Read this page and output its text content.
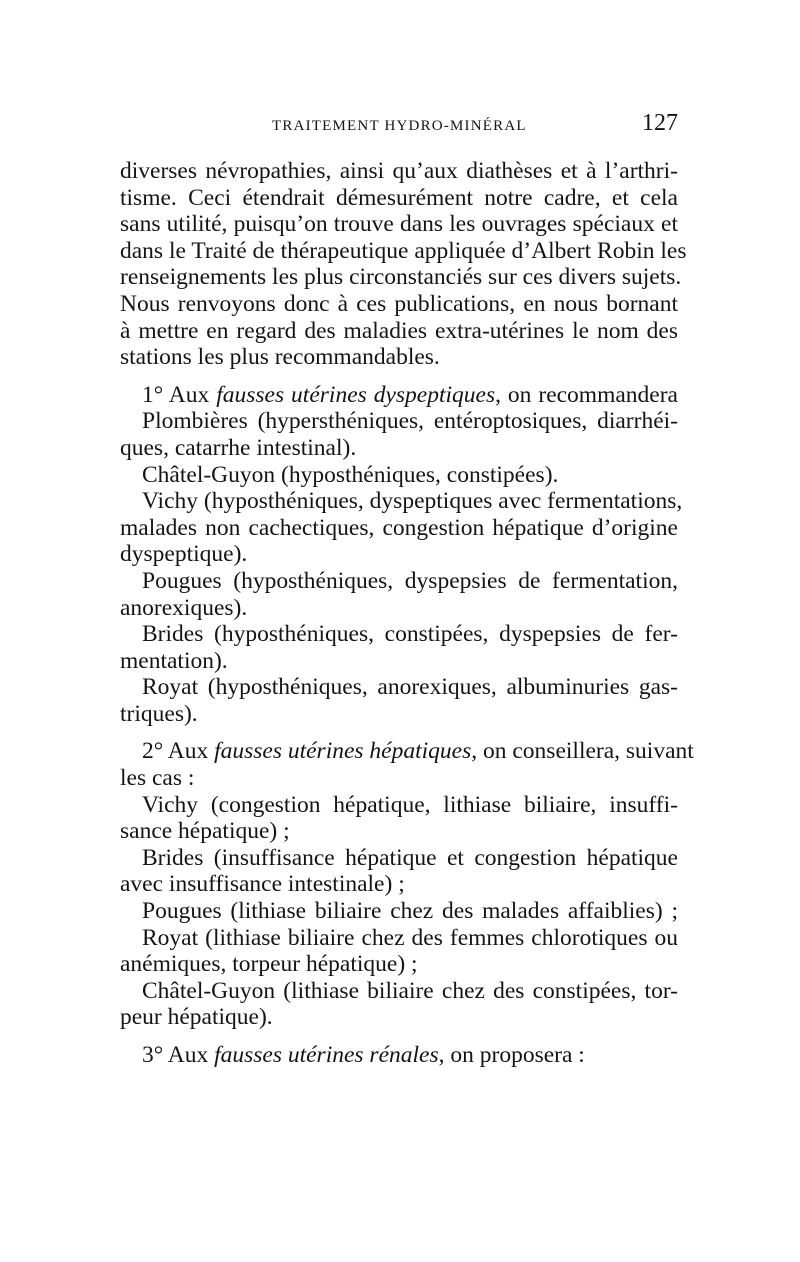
TRAITEMENT HYDRO-MINÉRAL	127
diverses névropathies, ainsi qu’aux diathèses et à l’arthri-
tisme. Ceci étendrait démesurément notre cadre, et cela
sans utilité, puisqu’on trouve dans les ouvrages spéciaux et
dans le Traité de thérapeutique appliquée d’Albert Robin les
renseignements les plus circonstanciés sur ces divers sujets.
Nous renvoyons donc à ces publications, en nous bornant
à mettre en regard des maladies extra-utérines le nom des
stations les plus recommandables.
1° Aux fausses utérines dyspeptiques, on recommandera
Plombières (hypersthéniques, entéroptosiques, diarrhéi-
ques, catarrhe intestinal).
Châtel-Guyon (hyposthéniques, constipées).
Vichy (hyposthéniques, dyspeptiques avec fermentations,
malades non cachectiques, congestion hépatique d’origine
dyspeptique).
Pougues (hyposthéniques, dyspepsies de fermentation,
anorexiques).
Brides (hyposthéniques, constipées, dyspepsies de fer-
mentation).
Royat (hyposthéniques, anorexiques, albuminuries gas-
triques).
2° Aux fausses utérines hépatiques, on conseillera, suivant
les cas :
Vichy (congestion hépatique, lithiase biliaire, insuffi-
sance hépatique) ;
Brides (insuffisance hépatique et congestion hépatique
avec insuffisance intestinale) ;
Pougues (lithiase biliaire chez des malades affaiblies) ;
Royat (lithiase biliaire chez des femmes chlorotiques ou
anémiques, torpeur hépatique) ;
Châtel-Guyon (lithiase biliaire chez des constipées, tor-
peur hépatique).
3° Aux fausses utérines rénales, on proposera :
